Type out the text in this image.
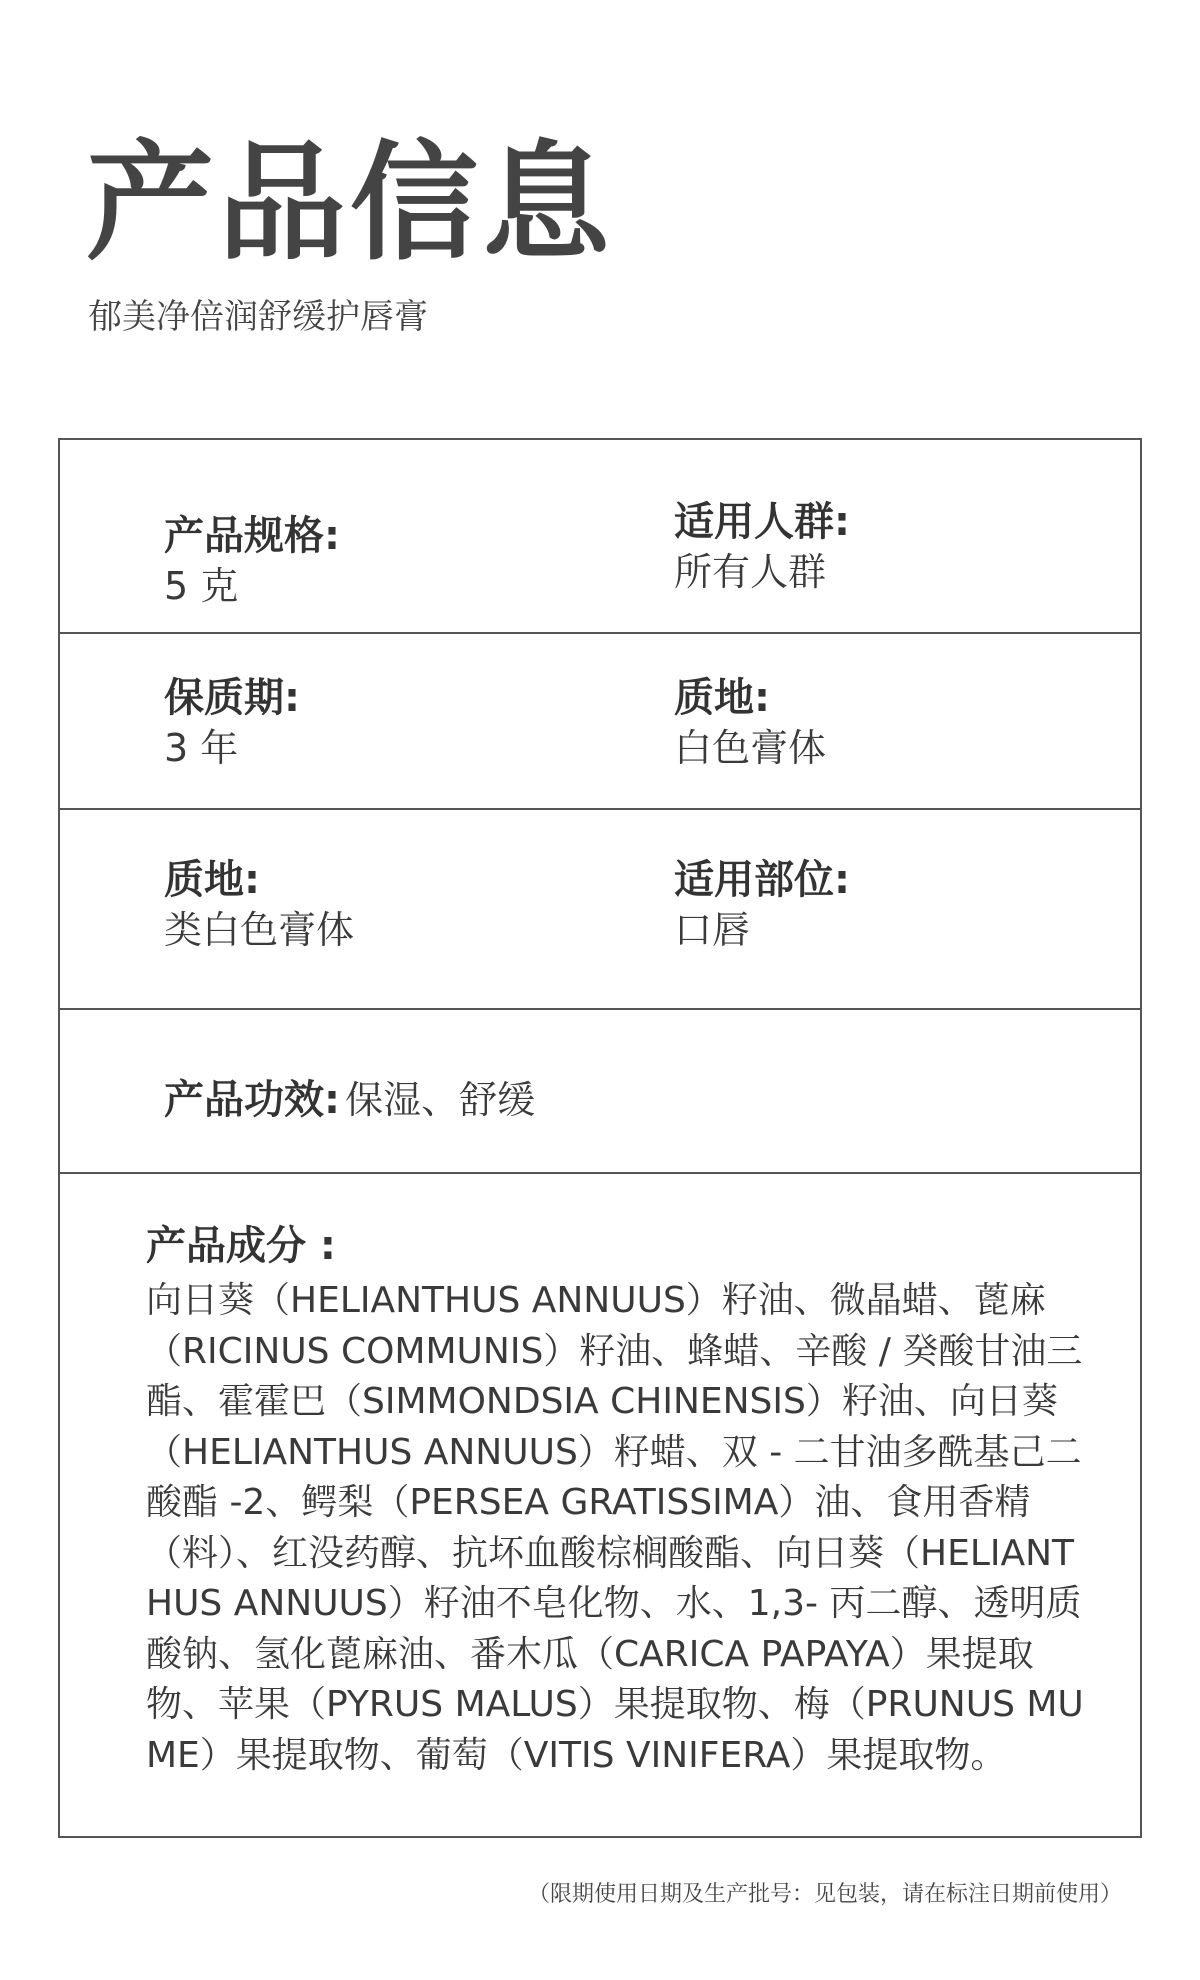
产品信息
郁美净倍润舒缓护唇膏
产品规格:
5 克
适用人群:
所有人群
保质期:
3 年
质地:
白色膏体
质地:
类白色膏体
适用部位:
口唇
产品功效: 保湿、舒缓
产品成分 :
向日葵（HELIANTHUS ANNUUS）籽油、微晶蜡、蓖麻（RICINUS COMMUNIS）籽油、蜂蜡、辛酸 / 癸酸甘油三酯、霍霍巴（SIMMONDSIA CHINENSIS）籽油、向日葵（HELIANTHUS ANNUUS）籽蜡、双 - 二甘油多酰基己二酸酯 -2、鳄梨（PERSEA GRATISSIMA）油、食用香精（料）、红没药醇、抗坏血酸棕榈酸酯、向日葵（HELIANTHUS ANNUUS）籽油不皂化物、水、1,3- 丙二醇、透明质酸钠、氢化蓖麻油、番木瓜（CARICA PAPAYA）果提取物、苹果（PYRUS MALUS）果提取物、梅（PRUNUS MUME）果提取物、葡萄（VITIS VINIFERA）果提取物。
（限期使用日期及生产批号：见包装，请在标注日期前使用）
